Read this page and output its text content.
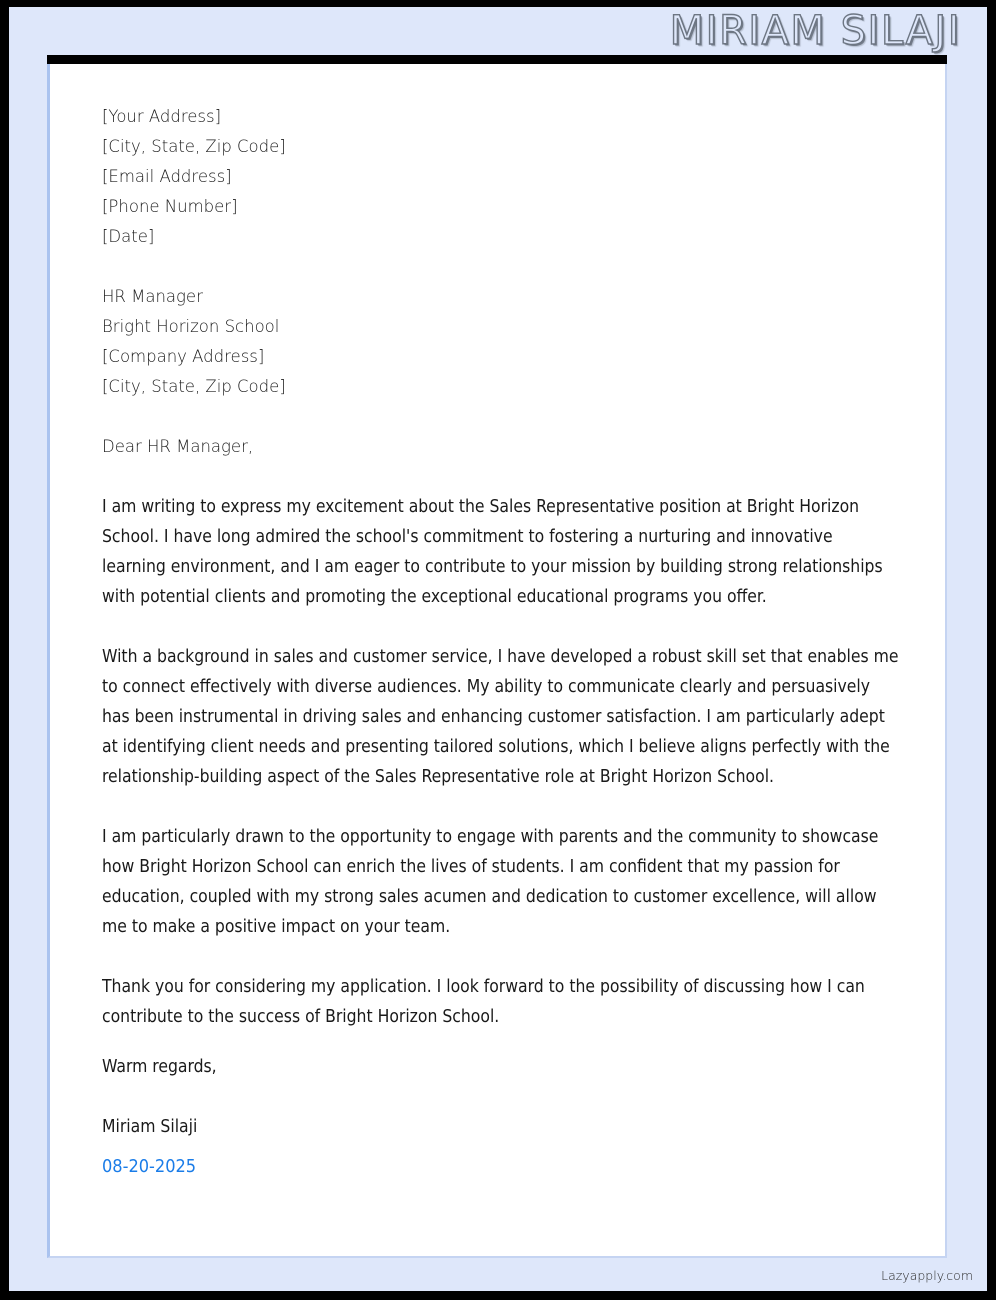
MIRIAM SILAJI
[Your Address]
[City, State, Zip Code]
[Email Address]
[Phone Number]
[Date]
HR Manager
Bright Horizon School
[Company Address]
[City, State, Zip Code]
Dear HR Manager,

I am writing to express my excitement about the Sales Representative position at Bright Horizon School. I have long admired the school's commitment to fostering a nurturing and innovative learning environment, and I am eager to contribute to your mission by building strong relationships with potential clients and promoting the exceptional educational programs you offer.

With a background in sales and customer service, I have developed a robust skill set that enables me to connect effectively with diverse audiences. My ability to communicate clearly and persuasively has been instrumental in driving sales and enhancing customer satisfaction. I am particularly adept at identifying client needs and presenting tailored solutions, which I believe aligns perfectly with the relationship-building aspect of the Sales Representative role at Bright Horizon School.

I am particularly drawn to the opportunity to engage with parents and the community to showcase how Bright Horizon School can enrich the lives of students. I am confident that my passion for education, coupled with my strong sales acumen and dedication to customer excellence, will allow me to make a positive impact on your team.

Thank you for considering my application. I look forward to the possibility of discussing how I can contribute to the success of Bright Horizon School.

Warm regards,
Miriam Silaji
08-20-2025
Lazyapply.com
